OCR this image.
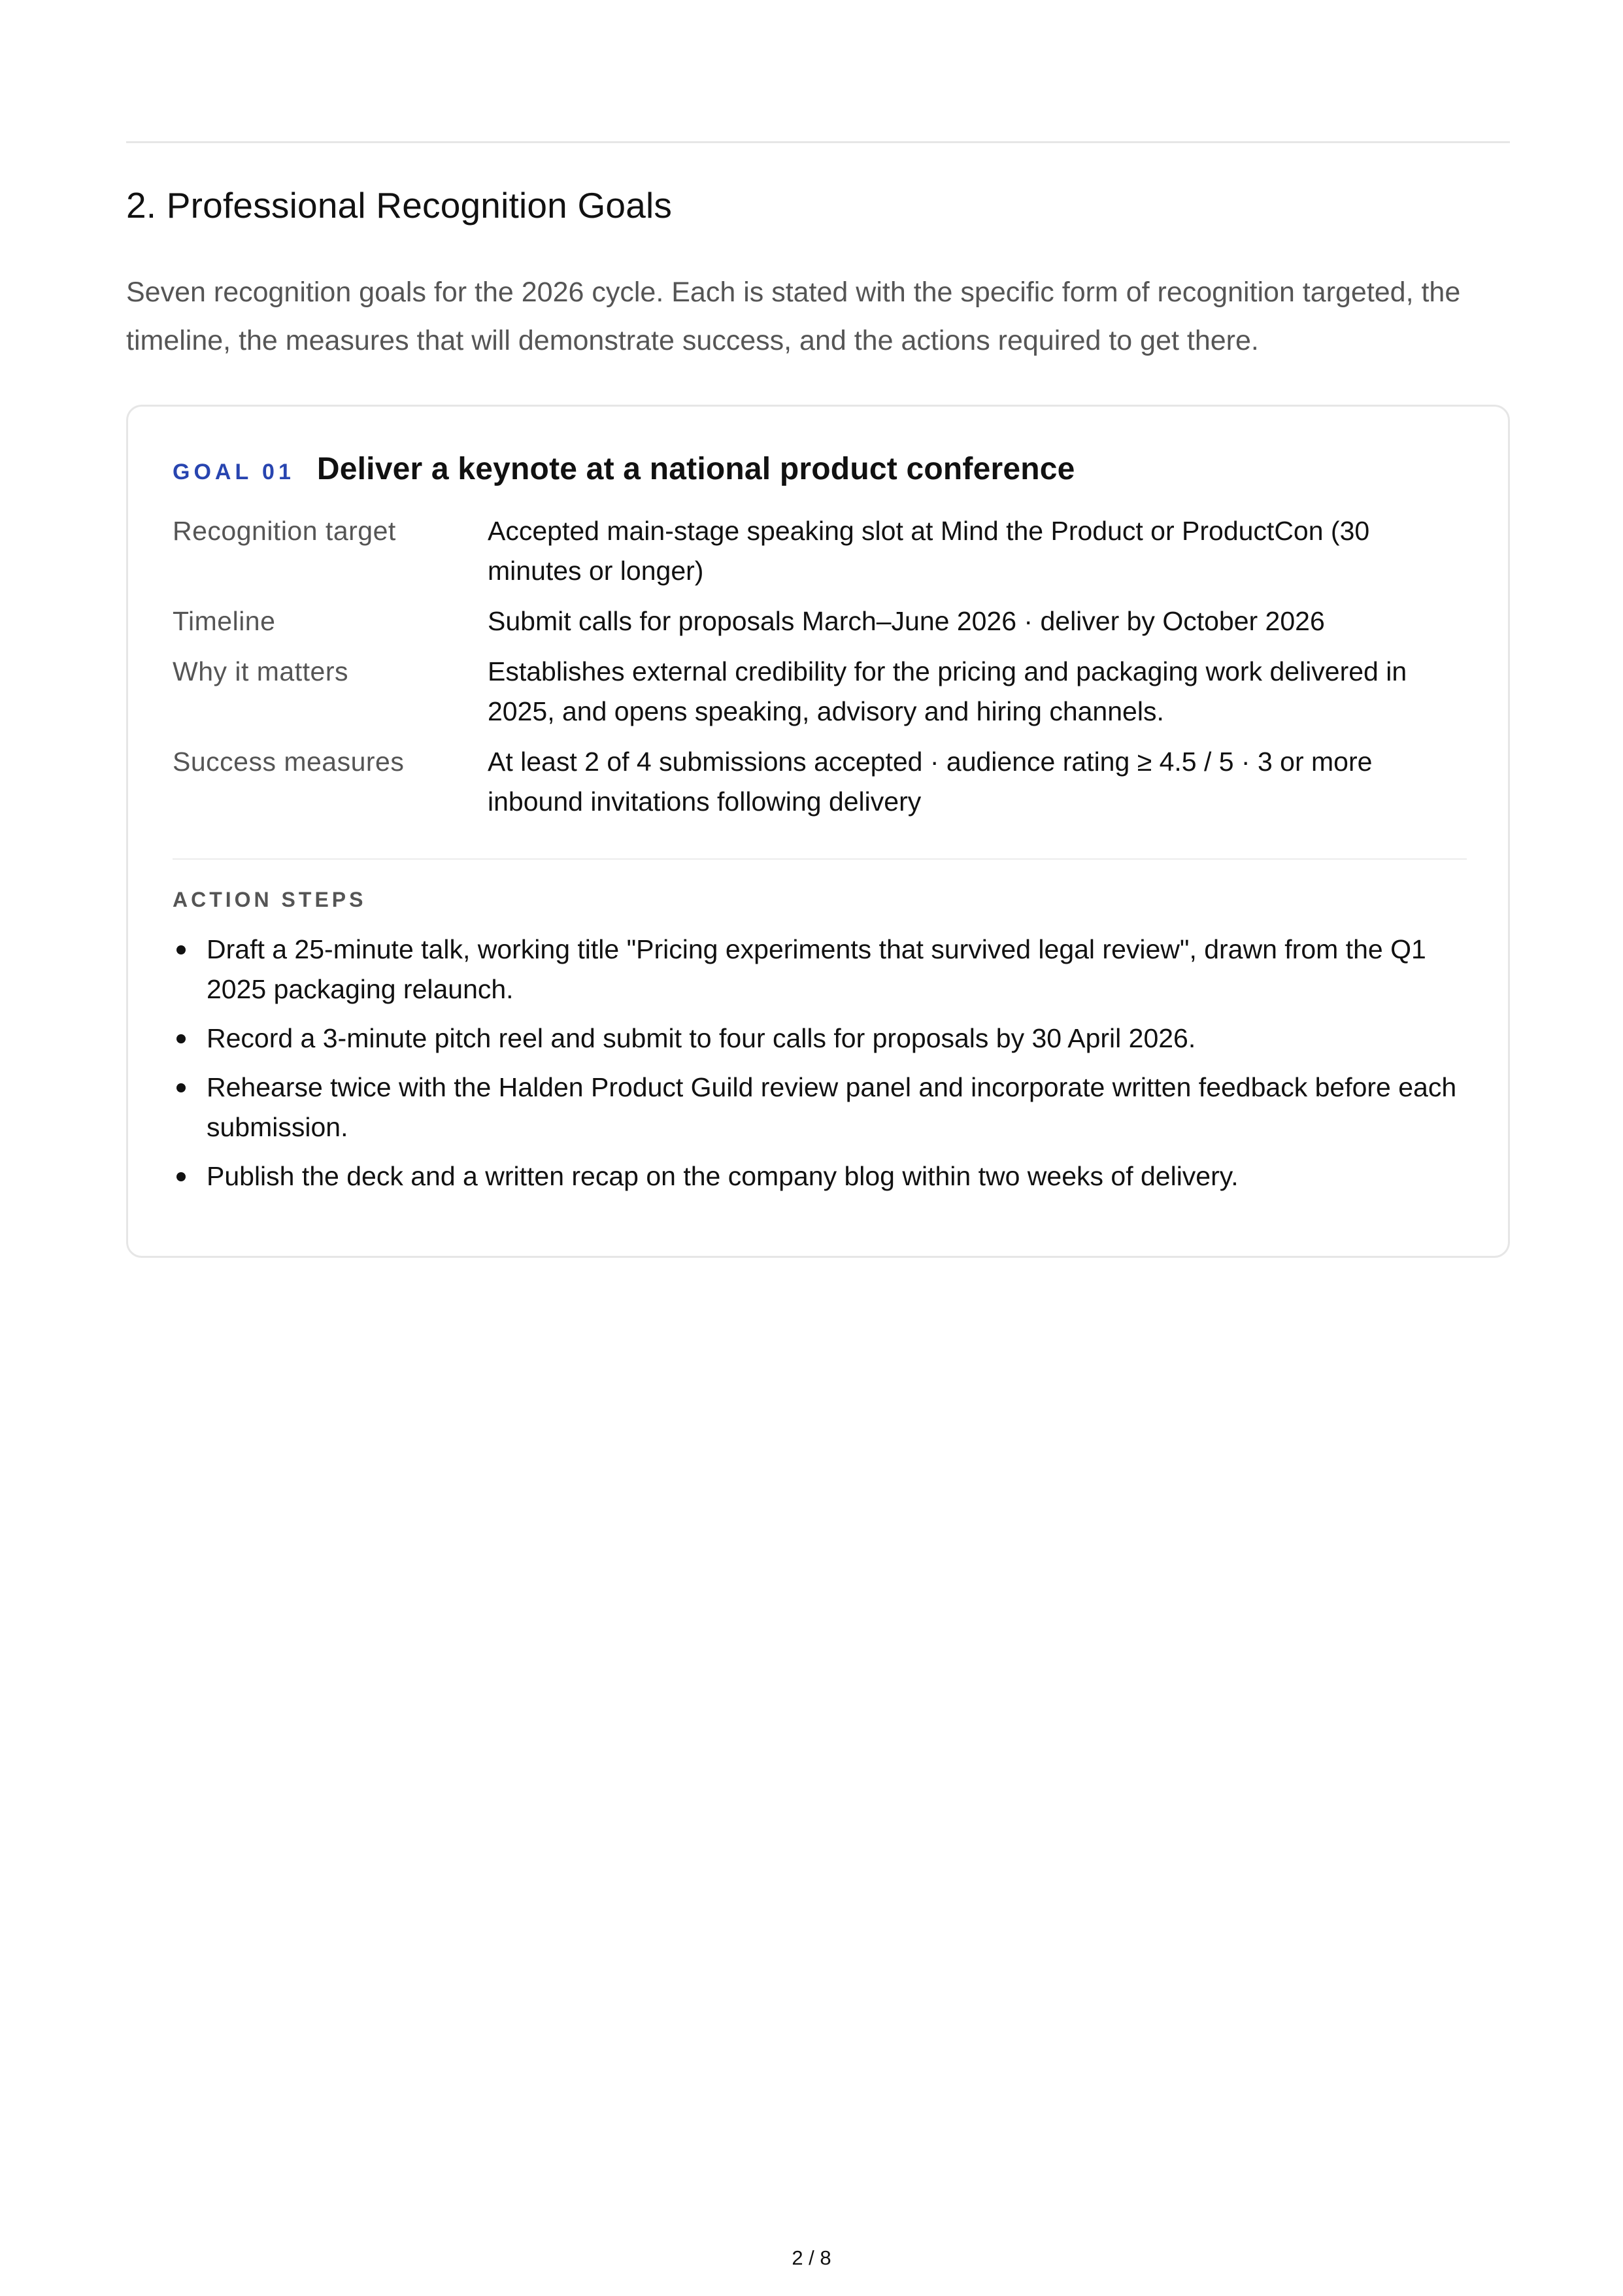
2. Professional Recognition Goals

Seven recognition goals for the 2026 cycle. Each is stated with the specific form of recognition targeted, the timeline, the measures that will demonstrate success, and the actions required to get there.

GOAL 01 Deliver a keynote at a national product conference
Recognition target	Accepted main-stage speaking slot at Mind the Product or ProductCon (30 minutes or longer)
Timeline	Submit calls for proposals March–June 2026 · deliver by October 2026
Why it matters	Establishes external credibility for the pricing and packaging work delivered in 2025, and opens speaking, advisory and hiring channels.
Success measures	At least 2 of 4 submissions accepted · audience rating ≥ 4.5 / 5 · 3 or more inbound invitations following delivery
ACTION STEPS
Draft a 25-minute talk, working title "Pricing experiments that survived legal review", drawn from the Q1 2025 packaging relaunch.
Record a 3-minute pitch reel and submit to four calls for proposals by 30 April 2026.
Rehearse twice with the Halden Product Guild review panel and incorporate written feedback before each submission.
Publish the deck and a written recap on the company blog within two weeks of delivery.
2 / 8
